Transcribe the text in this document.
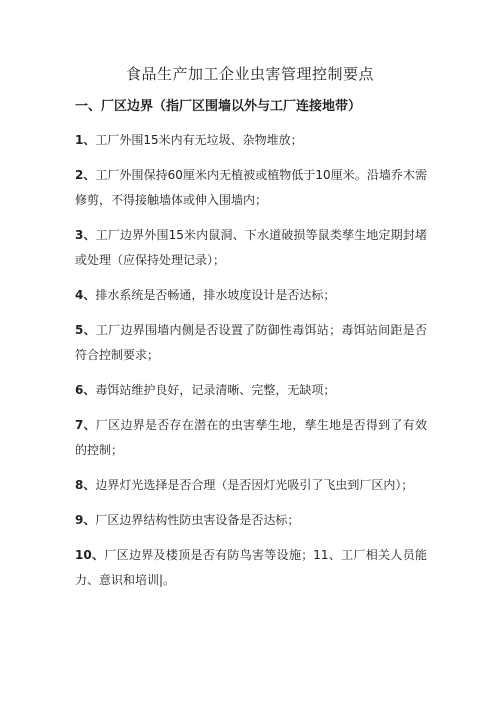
食品生产加工企业虫害管理控制要点
一、厂区边界（指厂区围墙以外与工厂连接地带）

1、工厂外围15米内有无垃圾、杂物堆放；

2、工厂外围保持60厘米内无植被或植物低于10厘米。沿墙乔木需修剪，不得接触墙体或伸入围墙内；

3、工厂边界外围15米内鼠洞、下水道破损等鼠类孳生地定期封堵或处理（应保持处理记录）；

4、排水系统是否畅通，排水坡度设计是否达标；

5、工厂边界围墙内侧是否设置了防御性毒饵站；毒饵站间距是否符合控制要求；

6、毒饵站维护良好，记录清晰、完整，无缺项；

7、厂区边界是否存在潜在的虫害孳生地，孳生地是否得到了有效的控制；

8、边界灯光选择是否合理（是否因灯光吸引了飞虫到厂区内）；

9、厂区边界结构性防虫害设备是否达标；

10、厂区边界及楼顶是否有防鸟害等设施；11、工厂相关人员能力、意识和培训|。
